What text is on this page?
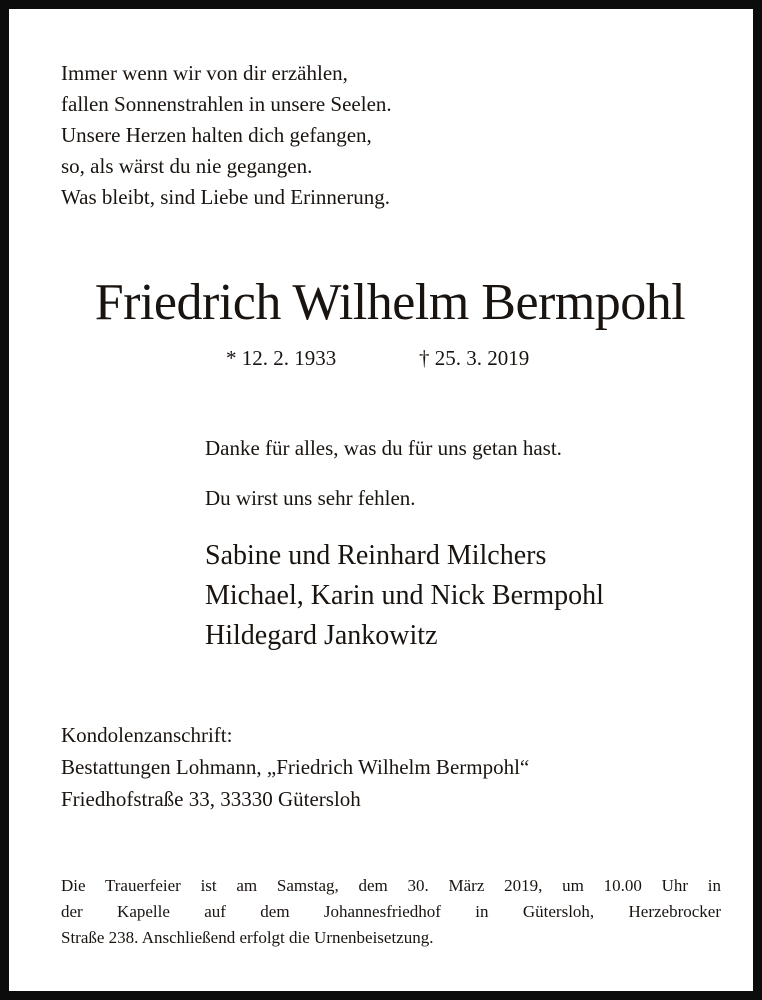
Immer wenn wir von dir erzählen,
fallen Sonnenstrahlen in unsere Seelen.
Unsere Herzen halten dich gefangen,
so, als wärst du nie gegangen.
Was bleibt, sind Liebe und Erinnerung.
Friedrich Wilhelm Bermpohl
* 12. 2. 1933	† 25. 3. 2019
Danke für alles, was du für uns getan hast.
Du wirst uns sehr fehlen.
Sabine und Reinhard Milchers
Michael, Karin und Nick Bermpohl
Hildegard Jankowitz
Kondolenzanschrift:
Bestattungen Lohmann, „Friedrich Wilhelm Bermpohl“
Friedhofstraße 33, 33330 Gütersloh
Die Trauerfeier ist am Samstag, dem 30. März 2019, um 10.00 Uhr in
der Kapelle auf dem Johannesfriedhof in Gütersloh, Herzebrocker
Straße 238. Anschließend erfolgt die Urnenbeisetzung.
